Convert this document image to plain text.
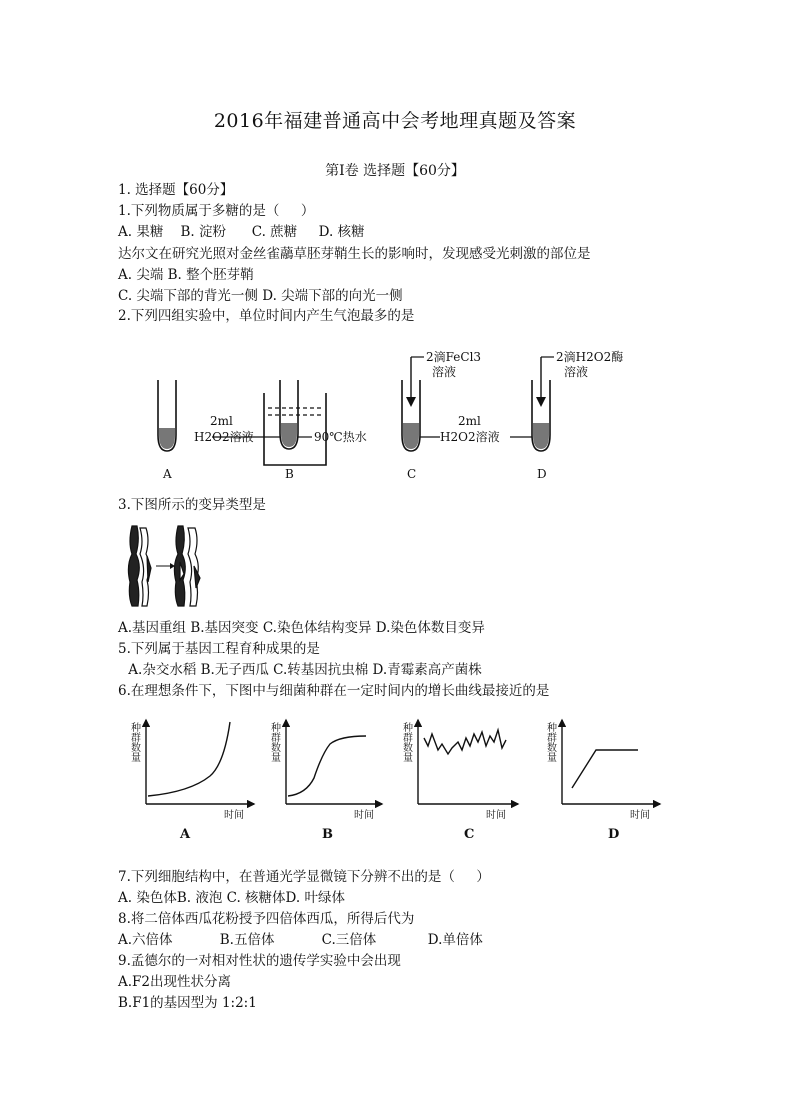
2016年福建普通高中会考地理真题及答案
第Ⅰ卷 选择题【60分】
1. 选择题【60分】
1.下列物质属于多糖的是（     ）
A. 果糖    B. 淀粉      C. 蔗糖     D. 核糖
达尔文在研究光照对金丝雀虉草胚芽鞘生长的影响时，发现感受光刺激的部位是
A. 尖端 B. 整个胚芽鞘
C. 尖端下部的背光一侧 D. 尖端下部的向光一侧
2.下列四组实验中，单位时间内产生气泡最多的是
2ml
H2O2溶液	90℃热水
2ml
H2O2溶液
2滴FeCl3
溶液
2滴H2O2酶
溶液
A	B	C	D
3.下图所示的变异类型是
A.基因重组 B.基因突变 C.染色体结构变异 D.染色体数目变异
5.下列属于基因工程育种成果的是
A.杂交水稻 B.无子西瓜 C.转基因抗虫棉 D.青霉素高产菌株
6.在理想条件下，下图中与细菌种群在一定时间内的增长曲线最接近的是
种群数量	种群数量	种群数量	种群数量
时间	时间	时间	时间
A	B	C	D
7.下列细胞结构中，在普通光学显微镜下分辨不出的是（     ）
A. 染色体B. 液泡 C. 核糖体D. 叶绿体
8.将二倍体西瓜花粉授予四倍体西瓜，所得后代为
A.六倍体           B.五倍体           C.三倍体            D.单倍体
9.孟德尔的一对相对性状的遗传学实验中会出现
A.F2出现性状分离
B.F1的基因型为 1:2:1
